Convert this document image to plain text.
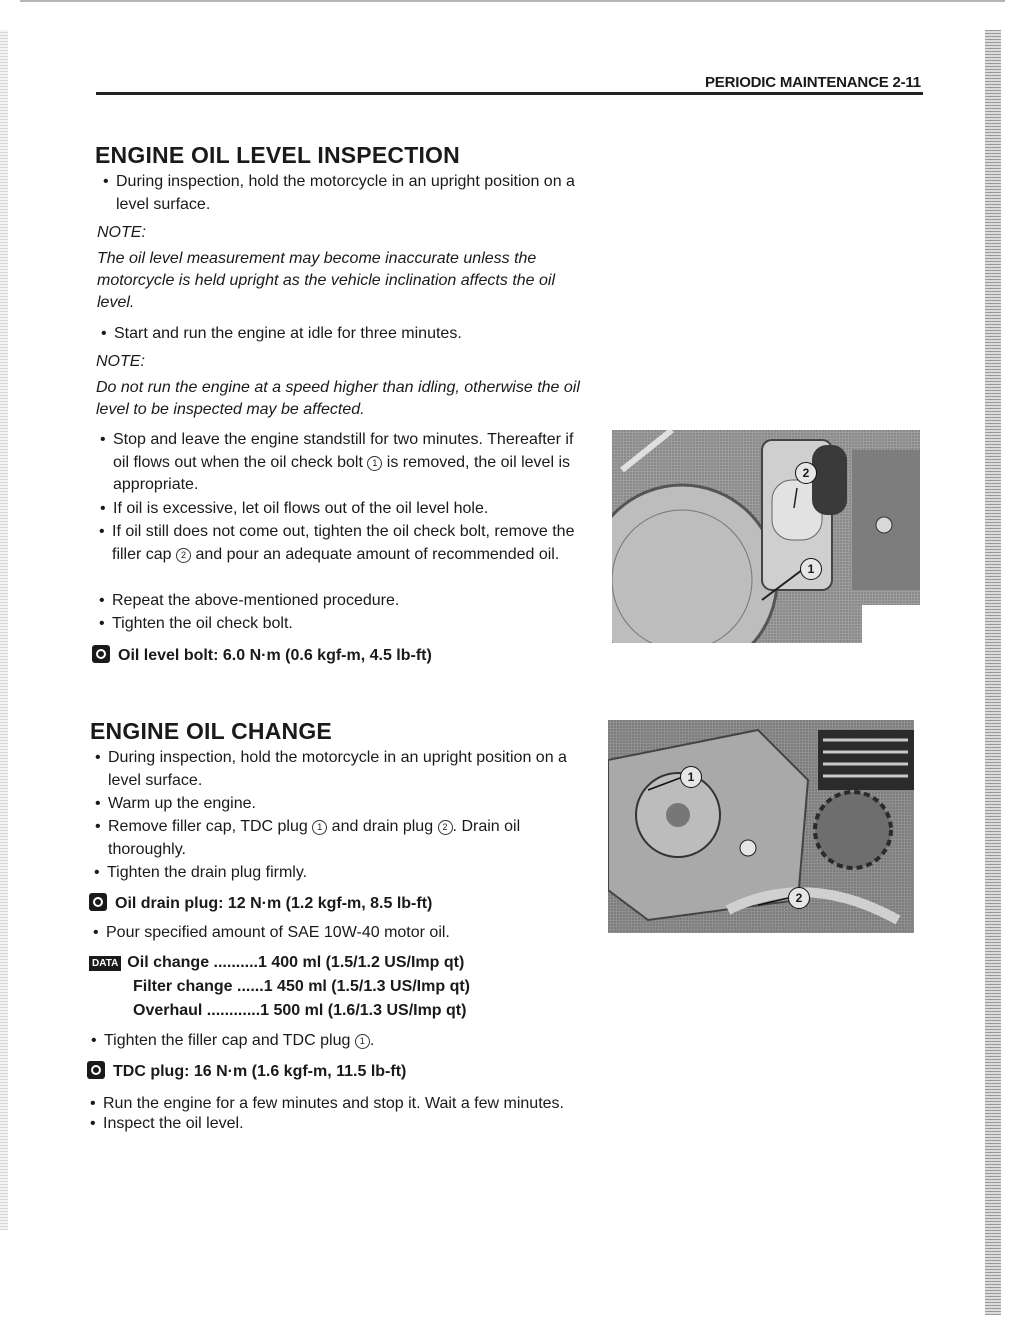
PERIODIC MAINTENANCE 2-11
ENGINE OIL LEVEL INSPECTION
• During inspection, hold the motorcycle in an upright position on a level surface.
NOTE:
The oil level measurement may become inaccurate unless the motorcycle is held upright as the vehicle inclination affects the oil level.
• Start and run the engine at idle for three minutes.
NOTE:
Do not run the engine at a speed higher than idling, otherwise the oil level to be inspected may be affected.
• Stop and leave the engine standstill for two minutes. Thereafter if oil flows out when the oil check bolt 1 is removed, the oil level is appropriate.
• If oil is excessive, let oil flows out of the oil level hole.
• If oil still does not come out, tighten the oil check bolt, remove the filler cap 2 and pour an adequate amount of recommended oil.
• Repeat the above-mentioned procedure.
• Tighten the oil check bolt.
Oil level bolt: 6.0 N·m (0.6 kgf-m, 4.5 lb-ft)
2
1
ENGINE OIL CHANGE
• During inspection, hold the motorcycle in an upright position on a level surface.
• Warm up the engine.
• Remove filler cap, TDC plug 1 and drain plug 2 . Drain oil thoroughly.
• Tighten the drain plug firmly.
Oil drain plug: 12 N·m (1.2 kgf-m, 8.5 lb-ft)
• Pour specified amount of SAE 10W-40 motor oil.
DATA Oil change .......... 1 400 ml (1.5/1.2 US/Imp qt)
Filter change ...... 1 450 ml (1.5/1.3 US/Imp qt)
Overhaul ............ 1 500 ml (1.6/1.3 US/Imp qt)
• Tighten the filler cap and TDC plug 1 .
TDC plug: 16 N·m (1.6 kgf-m, 11.5 lb-ft)
• Run the engine for a few minutes and stop it. Wait a few minutes.
• Inspect the oil level.
1
2
